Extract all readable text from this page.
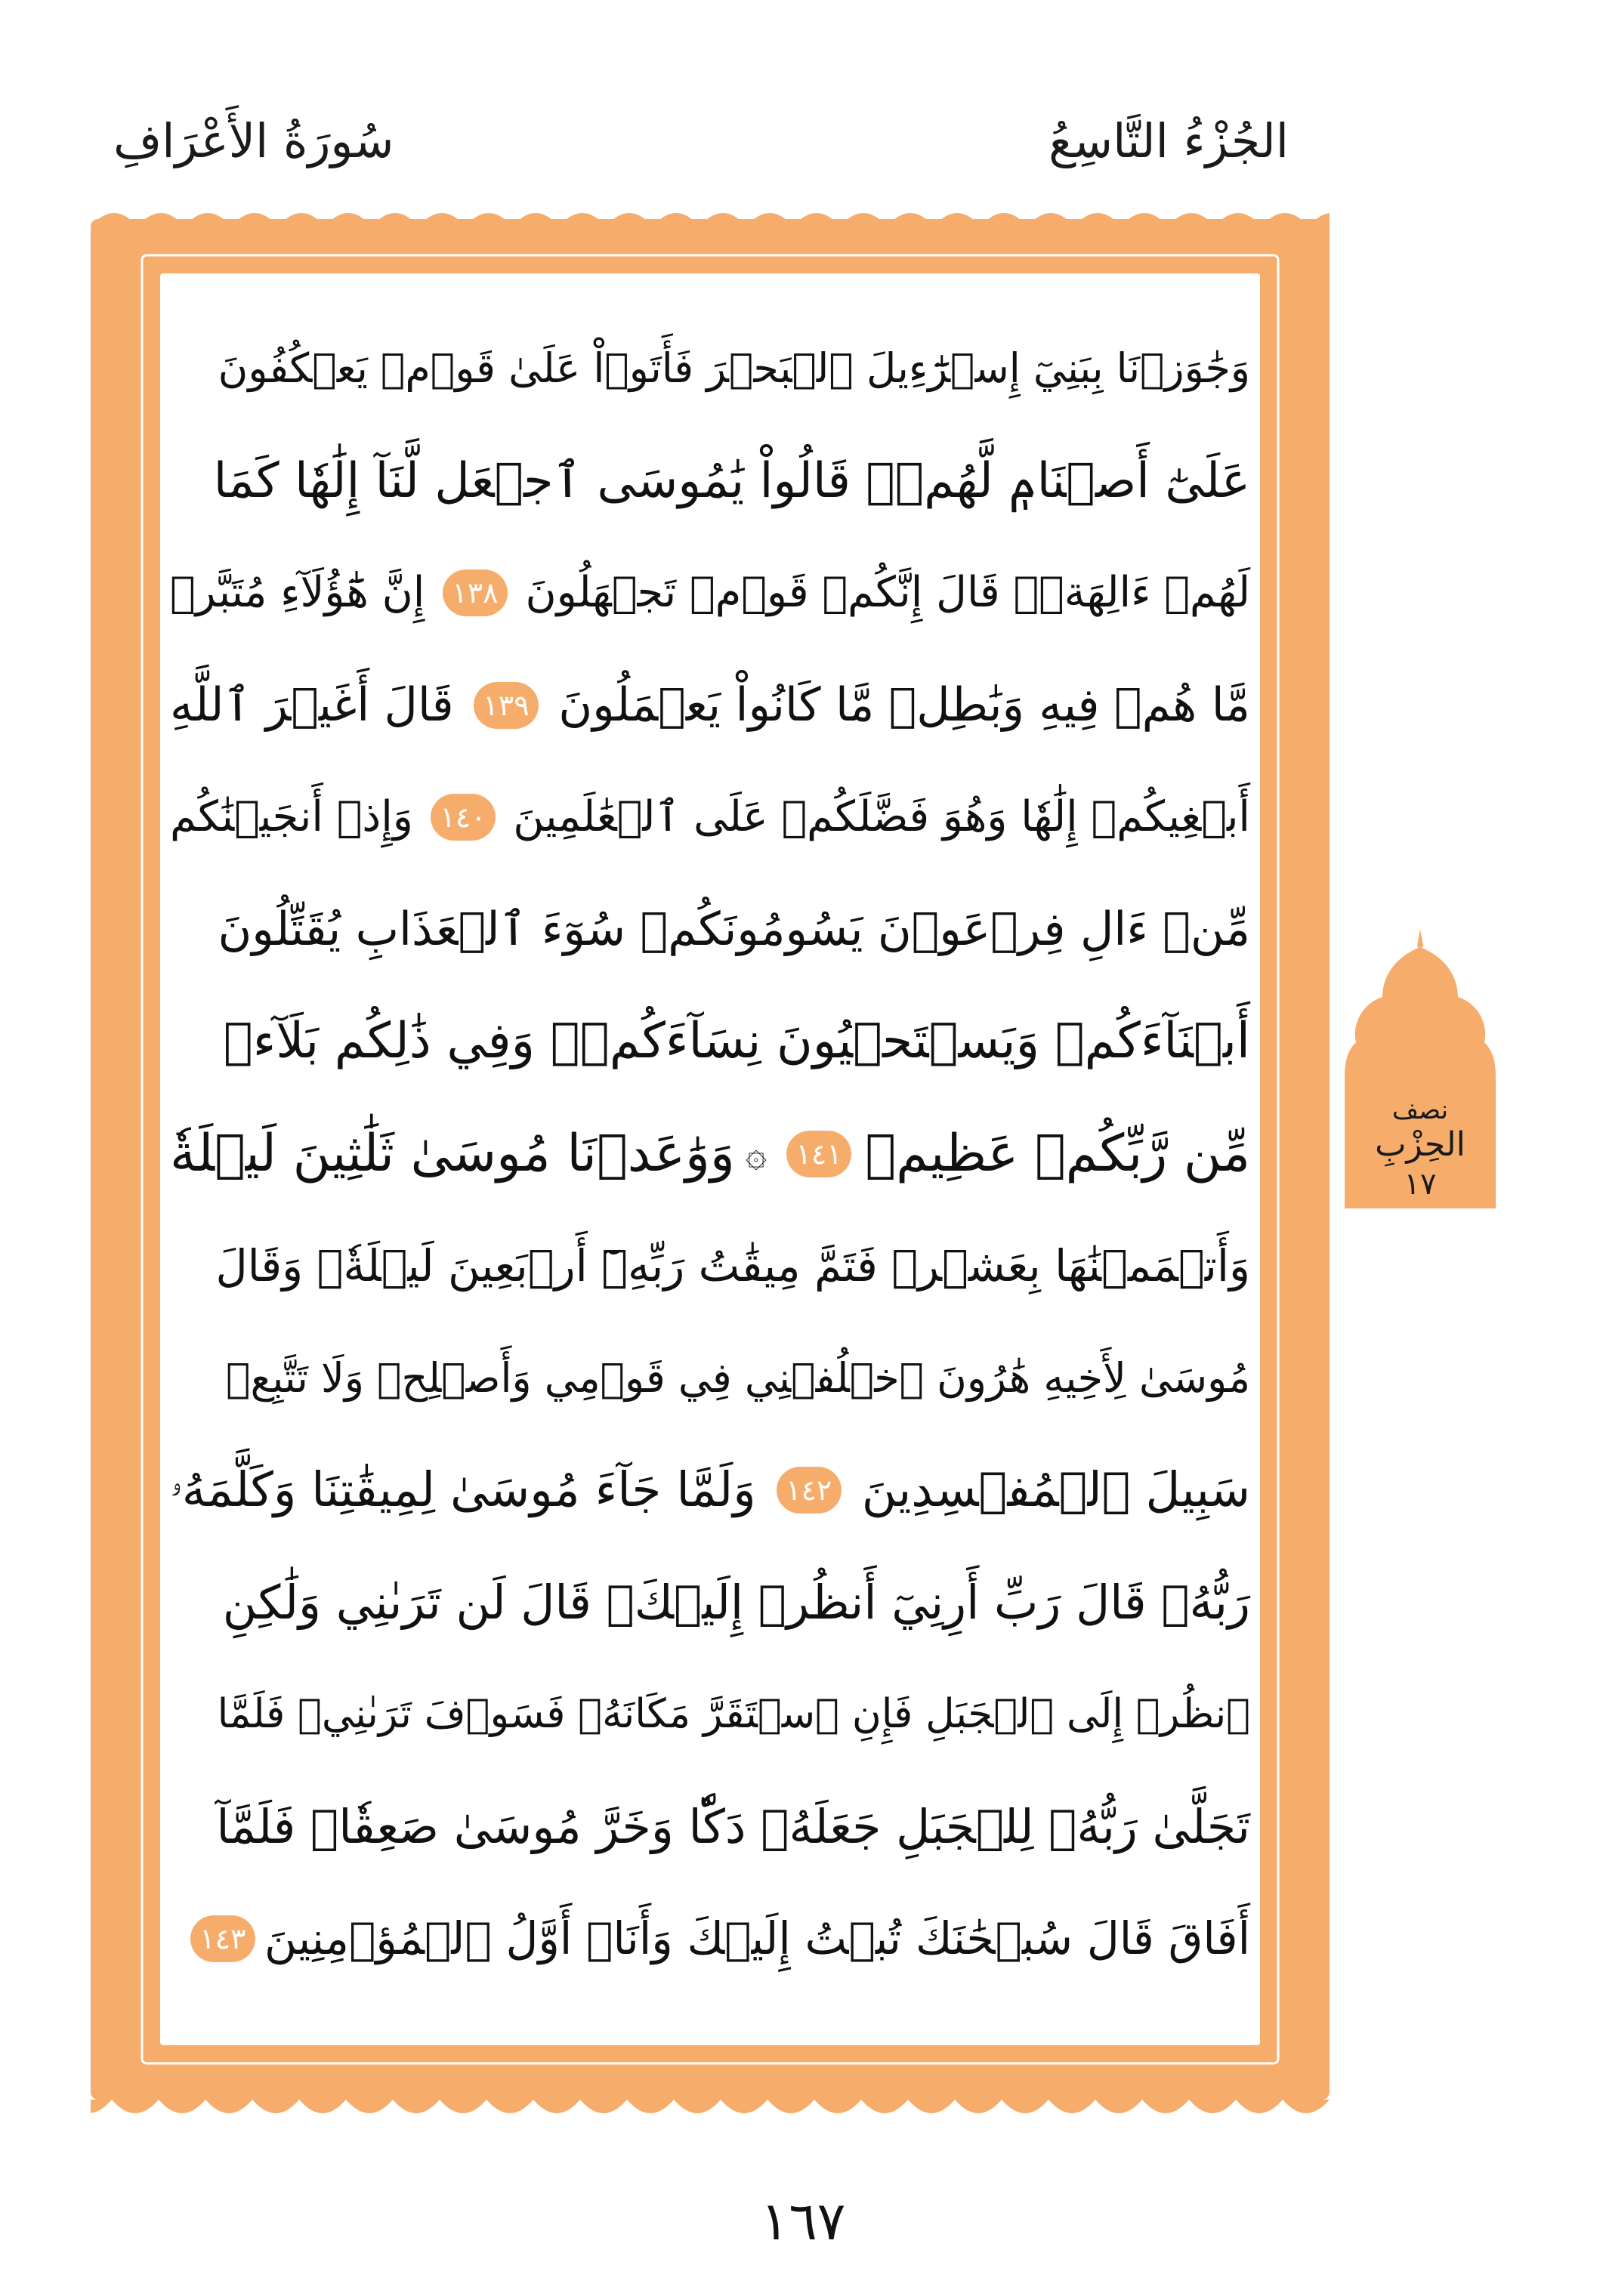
الجُزْءُ التَّاسِعُ
سُورَةُ الأَعْرَافِ
وَجَٰوَزۡنَا بِبَنِيٓ إِسۡرَٰٓءِيلَ ٱلۡبَحۡرَ فَأَتَوۡاْ عَلَىٰ قَوۡمٖ يَعۡكُفُونَ
عَلَىٰٓ أَصۡنَامٖ لَّهُمۡۚ قَالُواْ يَٰمُوسَى ٱجۡعَل لَّنَآ إِلَٰهٗا كَمَا
لَهُمۡ ءَالِهَةٞۚ قَالَ إِنَّكُمۡ قَوۡمٞ تَجۡهَلُونَ
١٣٨
إِنَّ هَٰٓؤُلَآءِ مُتَبَّرٞ
مَّا هُمۡ فِيهِ وَبَٰطِلٞ مَّا كَانُواْ يَعۡمَلُونَ
١٣٩
قَالَ أَغَيۡرَ ٱللَّهِ
أَبۡغِيكُمۡ إِلَٰهٗا وَهُوَ فَضَّلَكُمۡ عَلَى ٱلۡعَٰلَمِينَ
١٤٠
وَإِذۡ أَنجَيۡنَٰكُم
مِّنۡ ءَالِ فِرۡعَوۡنَ يَسُومُونَكُمۡ سُوٓءَ ٱلۡعَذَابِ يُقَتِّلُونَ
أَبۡنَآءَكُمۡ وَيَسۡتَحۡيُونَ نِسَآءَكُمۡۚ وَفِي ذَٰلِكُم بَلَآءٞ
مِّن رَّبِّكُمۡ عَظِيمٞ
١٤١
۞
وَوَٰعَدۡنَا مُوسَىٰ ثَلَٰثِينَ لَيۡلَةٗ
وَأَتۡمَمۡنَٰهَا بِعَشۡرٖ فَتَمَّ مِيقَٰتُ رَبِّهِۦٓ أَرۡبَعِينَ لَيۡلَةٗۚ وَقَالَ
مُوسَىٰ لِأَخِيهِ هَٰرُونَ ٱخۡلُفۡنِي فِي قَوۡمِي وَأَصۡلِحۡ وَلَا تَتَّبِعۡ
سَبِيلَ ٱلۡمُفۡسِدِينَ
١٤٢
وَلَمَّا جَآءَ مُوسَىٰ لِمِيقَٰتِنَا وَكَلَّمَهُۥ
رَبُّهُۥ قَالَ رَبِّ أَرِنِيٓ أَنظُرۡ إِلَيۡكَۚ قَالَ لَن تَرَىٰنِي وَلَٰكِنِ
ٱنظُرۡ إِلَى ٱلۡجَبَلِ فَإِنِ ٱسۡتَقَرَّ مَكَانَهُۥ فَسَوۡفَ تَرَىٰنِيۚ فَلَمَّا
تَجَلَّىٰ رَبُّهُۥ لِلۡجَبَلِ جَعَلَهُۥ دَكّٗا وَخَرَّ مُوسَىٰ صَعِقٗاۚ فَلَمَّآ
أَفَاقَ قَالَ سُبۡحَٰنَكَ تُبۡتُ إِلَيۡكَ وَأَنَا۠ أَوَّلُ ٱلۡمُؤۡمِنِينَ
١٤٣
نصف
الحِزْبِ
١٧
١٦٧
